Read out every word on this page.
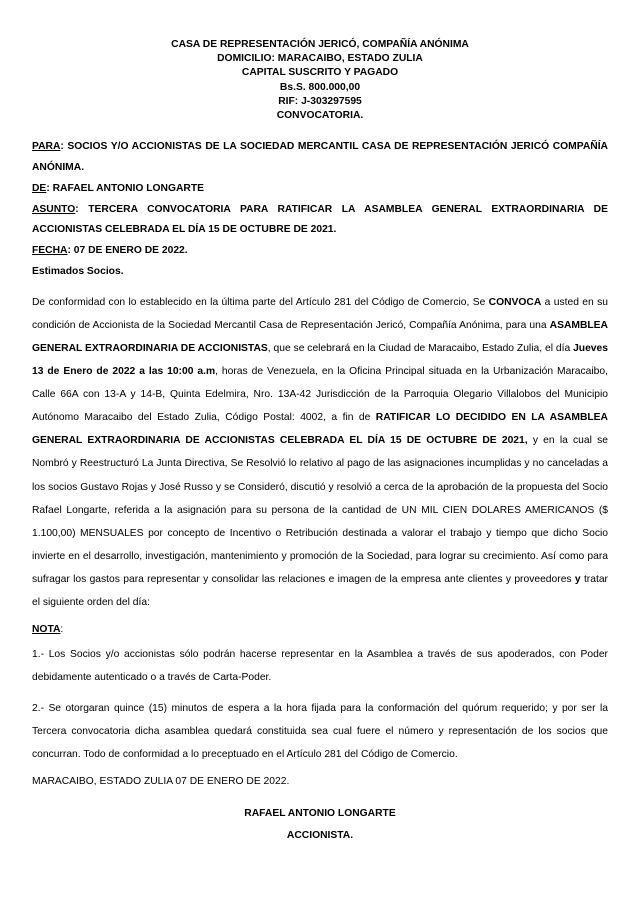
CASA DE REPRESENTACIÓN JERICÓ, COMPAÑÍA ANÓNIMA
DOMICILIO: MARACAIBO, ESTADO ZULIA
CAPITAL SUSCRITO Y PAGADO
Bs.S. 800.000,00
RIF: J-303297595
CONVOCATORIA.
PARA: SOCIOS Y/O ACCIONISTAS DE LA SOCIEDAD MERCANTIL CASA DE REPRESENTACIÓN JERICÓ COMPAÑÍA ANÓNIMA.
DE: RAFAEL ANTONIO LONGARTE
ASUNTO: TERCERA CONVOCATORIA PARA RATIFICAR LA ASAMBLEA GENERAL EXTRAORDINARIA DE ACCIONISTAS CELEBRADA EL DÍA 15 DE OCTUBRE DE 2021.
FECHA: 07 DE ENERO DE 2022.
Estimados Socios.
De conformidad con lo establecido en la última parte del Artículo 281 del Código de Comercio, Se CONVOCA a usted en su condición de Accionista de la Sociedad Mercantil Casa de Representación Jericó, Compañía Anónima, para una ASAMBLEA GENERAL EXTRAORDINARIA DE ACCIONISTAS, que se celebrará en la Ciudad de Maracaibo, Estado Zulia, el día Jueves 13 de Enero de 2022 a las 10:00 a.m, horas de Venezuela, en la Oficina Principal situada en la Urbanización Maracaibo, Calle 66A con 13-A y 14-B, Quinta Edelmira, Nro. 13A-42 Jurisdicción de la Parroquia Olegario Villalobos del Municipio Autónomo Maracaibo del Estado Zulia, Código Postal: 4002, a fin de RATIFICAR LO DECIDIDO EN LA ASAMBLEA GENERAL EXTRAORDINARIA DE ACCIONISTAS CELEBRADA EL DÍA 15 DE OCTUBRE DE 2021, y en la cual se Nombró y Reestructuró La Junta Directiva, Se Resolvió lo relativo al pago de las asignaciones incumplidas y no canceladas a los socios Gustavo Rojas y José Russo y se Consideró, discutió y resolvió a cerca de la aprobación de la propuesta del Socio Rafael Longarte, referida a la asignación para su persona de la cantidad de UN MIL CIEN DOLARES AMERICANOS ($ 1.100,00) MENSUALES por concepto de Incentivo o Retribución destinada a valorar el trabajo y tiempo que dicho Socio invierte en el desarrollo, investigación, mantenimiento y promoción de la Sociedad, para lograr su crecimiento. Así como para sufragar los gastos para representar y consolidar las relaciones e imagen de la empresa ante clientes y proveedores y tratar el siguiente orden del día:
NOTA:
1.- Los Socios y/o accionistas sólo podrán hacerse representar en la Asamblea a través de sus apoderados, con Poder debidamente autenticado o a través de Carta-Poder.
2.- Se otorgaran quince (15) minutos de espera a la hora fijada para la conformación del quórum requerido; y por ser la Tercera convocatoria dicha asamblea quedará constituida sea cual fuere el número y representación de los socios que concurran. Todo de conformidad a lo preceptuado en el Artículo 281 del Código de Comercio.
MARACAIBO, ESTADO ZULIA 07 DE ENERO DE 2022.
RAFAEL ANTONIO LONGARTE
ACCIONISTA.
